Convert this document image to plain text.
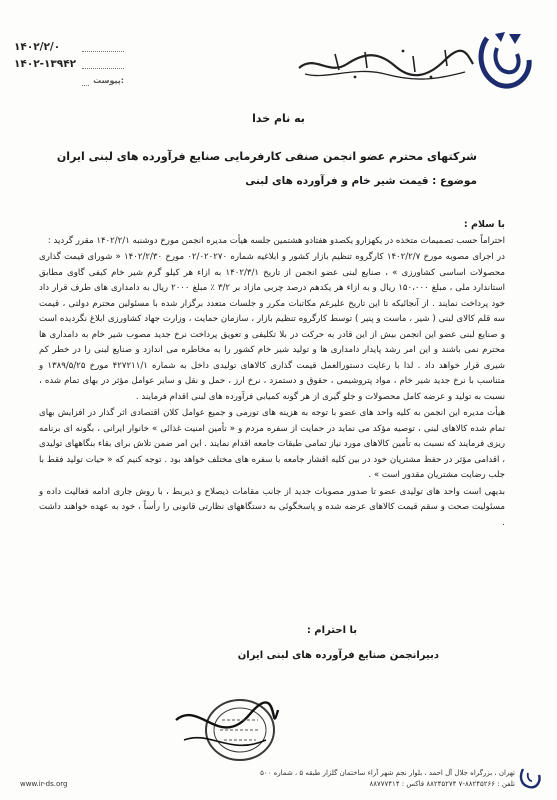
۱۴۰۲/۲/۰
۱۴۰۲-۱۳۹۴۲
پیوست:
به نام خدا
شرکتهای محترم عضو انجمن صنفی کارفرمایی صنایع فرآورده های لبنی ایران
موضوع : قیمت شیر خام و فرآورده های لبنی

با سلام :

احتراماً حسب تصمیمات متخذه در یکهزارو یکصدو هفتادو هشتمین جلسه هیأت مدیره انجمن مورخ دوشنبه ۱۴۰۲/۲/۱ مقرر گردید :

در اجرای مصوبه مورخ ۱۴۰۲/۲/۷ کارگروه تنظیم بازار کشور و ابلاغیه شماره ۰۲/۰۲۰۲۷۰ مورخ ۱۴۰۲/۲/۳۰ « شورای قیمت گذاری محصولات اساسی کشاورزی » ، صنایع لبنی عضو انجمن از تاریخ ۱۴۰۲/۳/۱ به ازاء هر کیلو گرم شیر خام کیفی گاوی مطابق استاندارد ملی ، مبلغ ۱۵۰،۰۰۰ ریال و به ازاء هر یکدهم درصد چربی مازاد بر ۳/۲ ٪ مبلغ ۲۰۰۰ ریال به دامداری های طرف قرار داد خود پرداخت نمایند . از آنجائیکه تا این تاریخ علیرغم مکاتبات مکرر و جلسات متعدد برگزار شده با مسئولین محترم دولتی ، قیمت سه قلم کالای لبنی ( شیر ، ماست و پنیر ) توسط کارگروه تنظیم بازار ، سازمان حمایت ، وزارت جهاد کشاورزی ابلاغ نگردیده است و صنایع لبنی عضو این انجمن بیش از این قادر به حرکت در بلا تکلیفی و تعویق پرداخت نرخ جدید مصوب شیر خام به دامداری ها محترم نمی باشند و این امر رشد پایدار دامداری ها و تولید شیر خام کشور را به مخاطره می اندازد و صنایع لبنی را در خطر کم شیری قرار خواهد داد . لذا با رعایت دستورالعمل قیمت گذاری کالاهای تولیدی داخل به شماره ۴۲۷۲۱۱/۱ مورخ ۱۳۸۹/۵/۲۵ و متناسب با نرخ جدید شیر خام ، مواد پتروشیمی ، حقوق و دستمزد ، نرخ ارز ، حمل و نقل و سایر عوامل مؤثر در بهای تمام شده ، نسبت به تولید و عرضه کامل محصولات و جلو گیری از هر گونه کمیابی فرآورده های لبنی اقدام فرمایند .

هیأت مدیره این انجمن به کلیه واحد های عضو با توجه به هزینه های تورمی و جمیع عوامل کلان اقتصادی اثر گذار در افزایش بهای تمام شده کالاهای لبنی ، توصیه مؤکد می نماید در حمایت از سفره مردم و « تأمین امنیت غذائی » خانوار ایرانی ، بگونه ای برنامه ریزی فرمایند که نسبت به تأمین کالاهای مورد نیاز تمامی طبقات جامعه اقدام نمایند . این امر ضمن تلاش برای بقاء بنگاههای تولیدی ، اقدامی مؤثر در حفظ مشتریان خود در بین کلیه اقشار جامعه با سفره های مختلف خواهد بود . توجه کنیم که « حیات تولید فقط با جلب رضایت مشتریان مقدور است » .

بدیهی است واحد های تولیدی عضو تا صدور مصوبات جدید از جانب مقامات ذیصلاح و ذیربط ، با روش جاری ادامه فعالیت داده و مسئولیت صحت و سقم قیمت کالاهای عرضه شده و پاسخگوئی به دستگاههای نظارتی قانونی را رأساً ، خود به عهده خواهند داشت .

با احترام :
دبیرانجمن صنایع فرآورده های لبنی ایران
تهران ، بزرگراه جلال آل احمد ، بلوار نجم شهر آراء ساختمان گلزار طبقه ۵ ، شماره ۵۰۰
تلفن : ۸۸۲۴۵۲۶۶-۷ ۸۸۲۴۵۲۷۴ فاکس : ۸۸۷۷۷۴۱۴
www.ir-ds.org
